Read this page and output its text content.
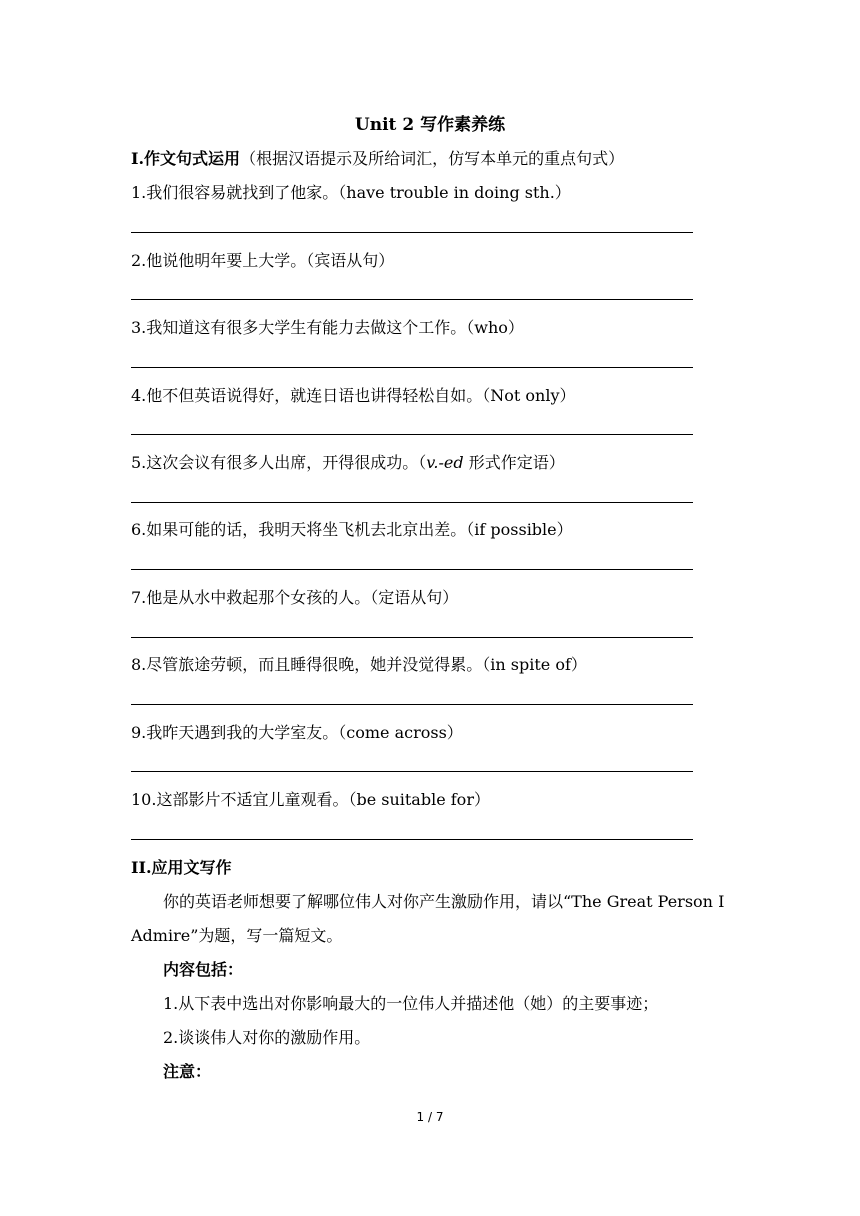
Unit 2 写作素养练
I.作文句式运用（根据汉语提示及所给词汇，仿写本单元的重点句式）
1.我们很容易就找到了他家。（have trouble in doing sth.）
2.他说他明年要上大学。（宾语从句）
3.我知道这有很多大学生有能力去做这个工作。（who）
4.他不但英语说得好，就连日语也讲得轻松自如。（Not only）
5.这次会议有很多人出席，开得很成功。（v.-ed 形式作定语）
6.如果可能的话，我明天将坐飞机去北京出差。（if possible）
7.他是从水中救起那个女孩的人。（定语从句）
8.尽管旅途劳顿，而且睡得很晚，她并没觉得累。（in spite of）
9.我昨天遇到我的大学室友。（come across）
10.这部影片不适宜儿童观看。（be suitable for）
II.应用文写作
你的英语老师想要了解哪位伟人对你产生激励作用，请以“The Great Person I
Admire”为题，写一篇短文。
内容包括：
1.从下表中选出对你影响最大的一位伟人并描述他（她）的主要事迹；
2.谈谈伟人对你的激励作用。
注意：
1 / 7
